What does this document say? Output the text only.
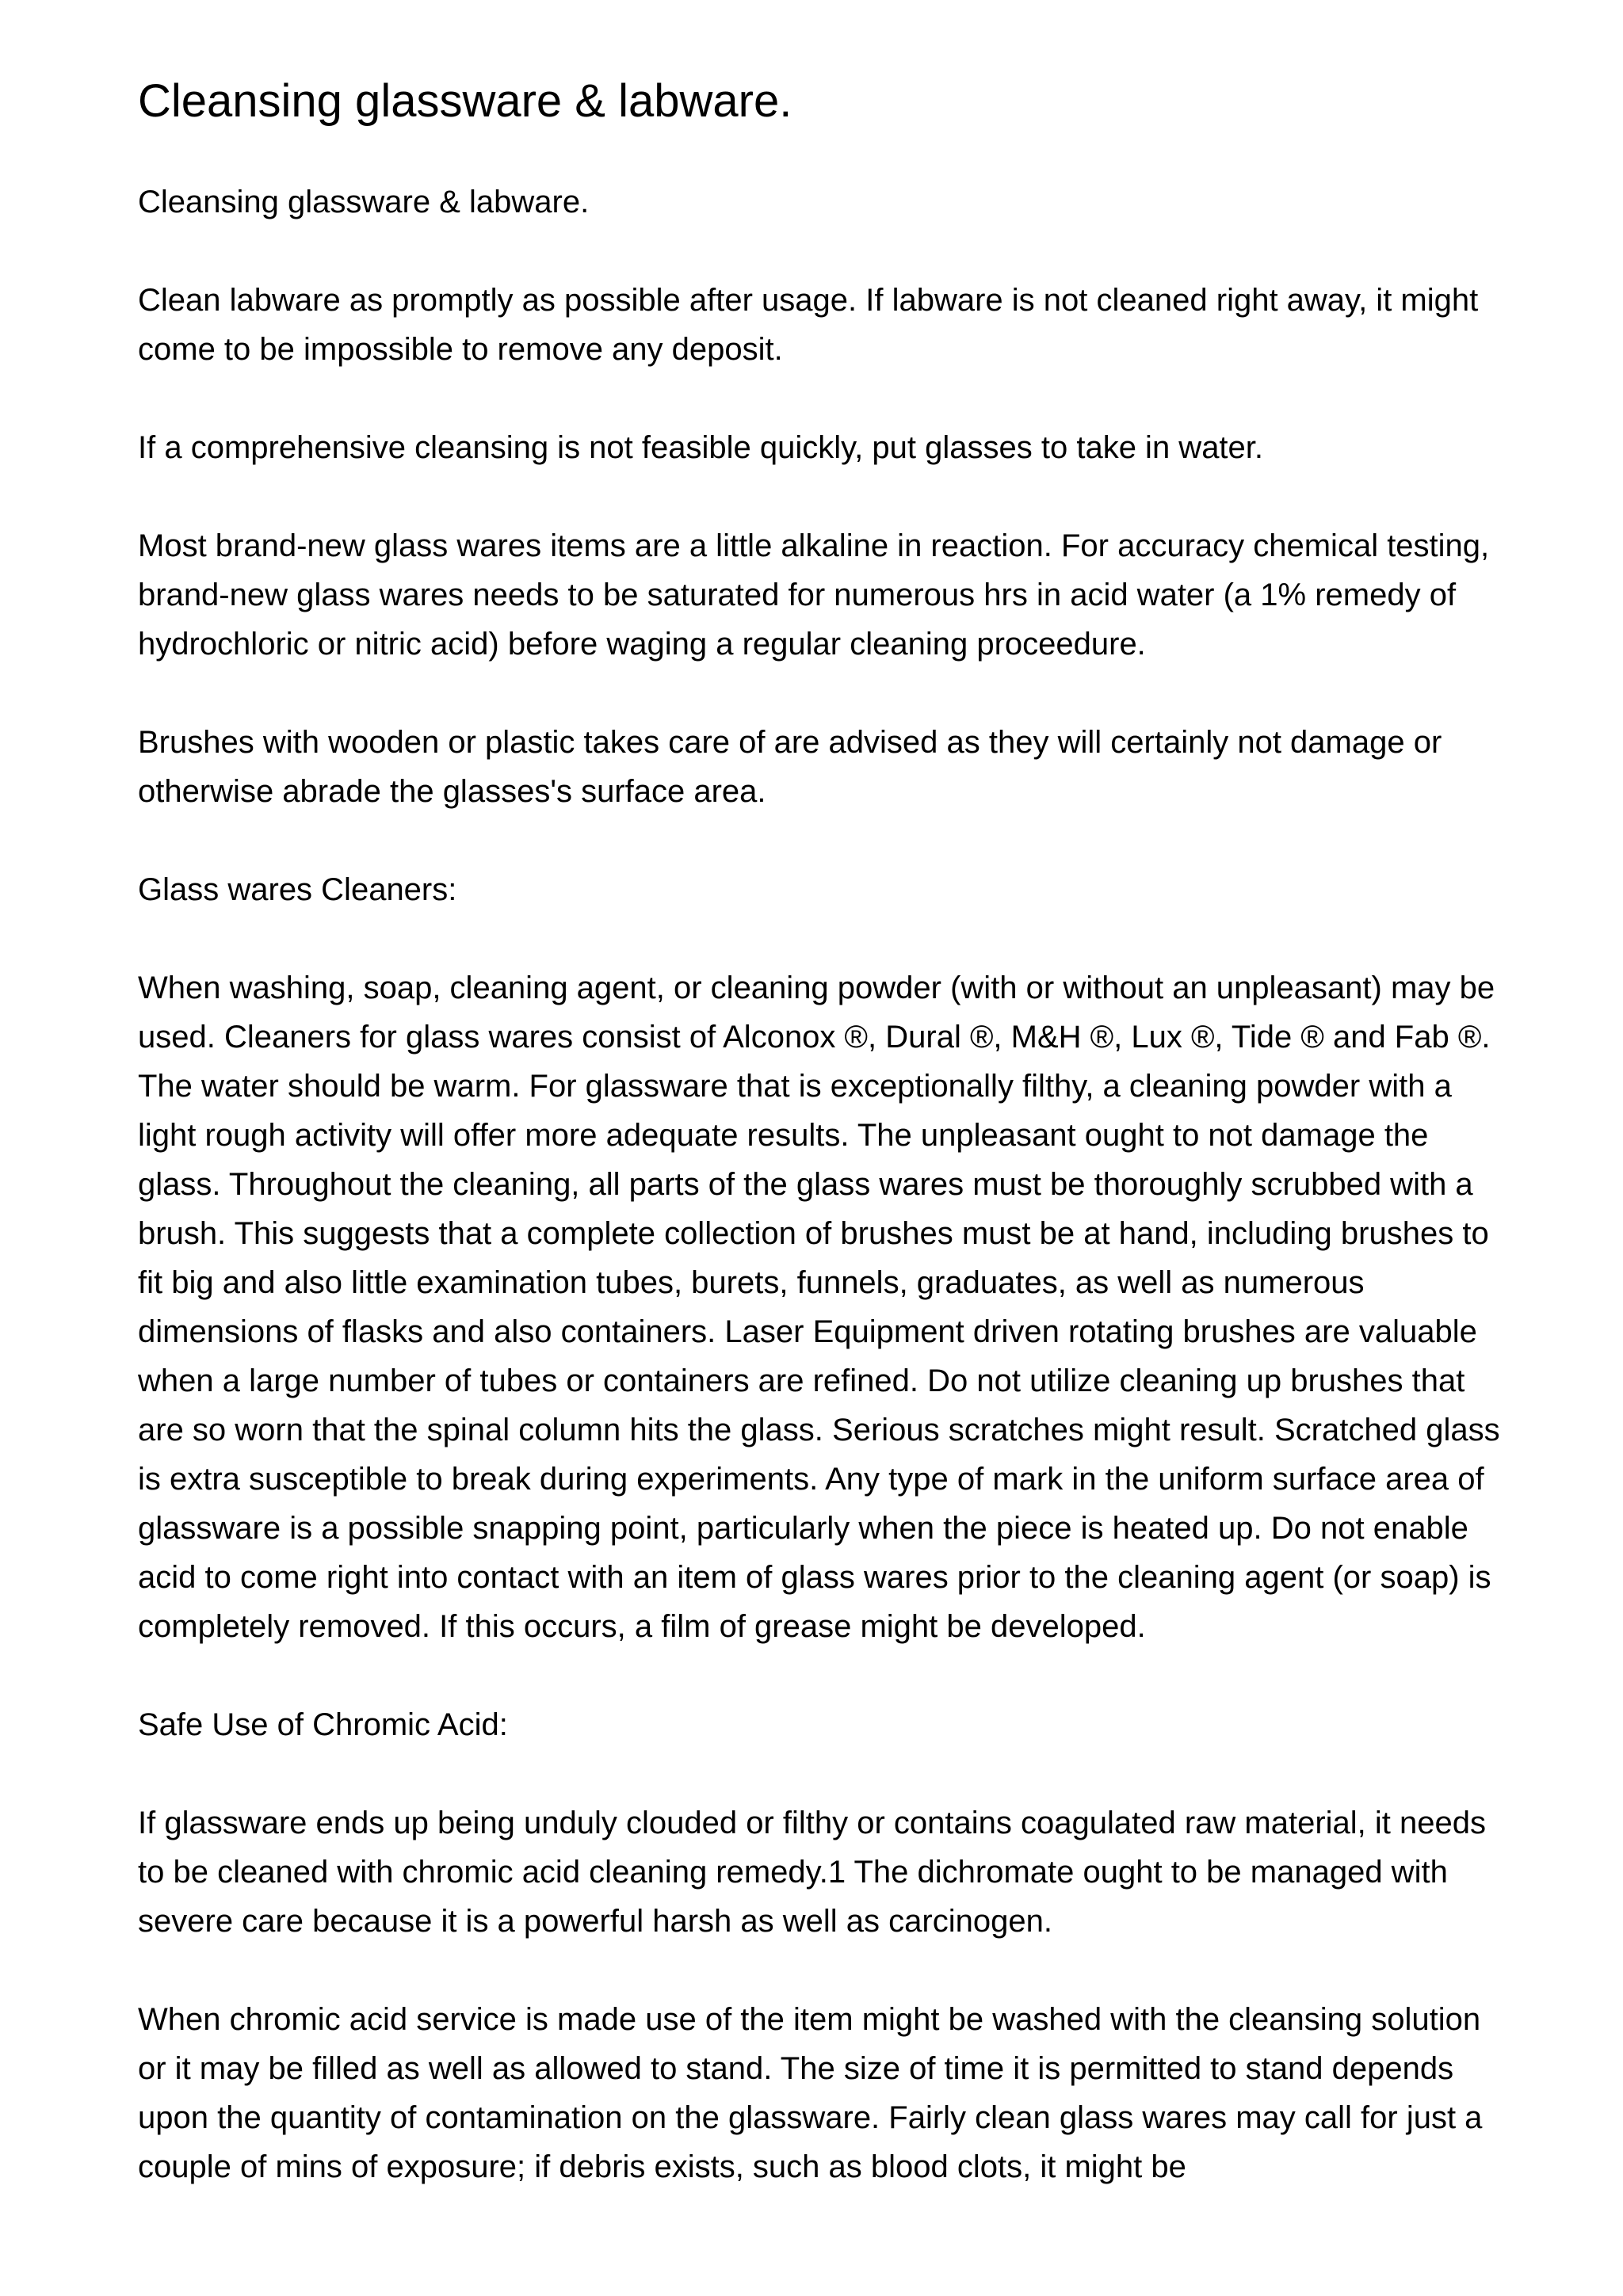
Cleansing glassware & labware.

Cleansing glassware & labware.

Clean labware as promptly as possible after usage. If labware is not cleaned right away, it might come to be impossible to remove any deposit.

If a comprehensive cleansing is not feasible quickly, put glasses to take in water.

Most brand-new glass wares items are a little alkaline in reaction. For accuracy chemical testing, brand-new glass wares needs to be saturated for numerous hrs in acid water (a 1% remedy of hydrochloric or nitric acid) before waging a regular cleaning proceedure.

Brushes with wooden or plastic takes care of are advised as they will certainly not damage or otherwise abrade the glasses's surface area.

Glass wares Cleaners:

When washing, soap, cleaning agent, or cleaning powder (with or without an unpleasant) may be used. Cleaners for glass wares consist of Alconox ®, Dural ®, M&H ®, Lux ®, Tide ® and Fab ®. The water should be warm. For glassware that is exceptionally filthy, a cleaning powder with a light rough activity will offer more adequate results. The unpleasant ought to not damage the glass. Throughout the cleaning, all parts of the glass wares must be thoroughly scrubbed with a brush. This suggests that a complete collection of brushes must be at hand, including brushes to fit big and also little examination tubes, burets, funnels, graduates, as well as numerous dimensions of flasks and also containers. Laser Equipment driven rotating brushes are valuable when a large number of tubes or containers are refined. Do not utilize cleaning up brushes that are so worn that the spinal column hits the glass. Serious scratches might result. Scratched glass is extra susceptible to break during experiments. Any type of mark in the uniform surface area of glassware is a possible snapping point, particularly when the piece is heated up. Do not enable acid to come right into contact with an item of glass wares prior to the cleaning agent (or soap) is completely removed. If this occurs, a film of grease might be developed.

Safe Use of Chromic Acid:

If glassware ends up being unduly clouded or filthy or contains coagulated raw material, it needs to be cleaned with chromic acid cleaning remedy.1 The dichromate ought to be managed with severe care because it is a powerful harsh as well as carcinogen.

When chromic acid service is made use of the item might be washed with the cleansing solution or it may be filled as well as allowed to stand. The size of time it is permitted to stand depends upon the quantity of contamination on the glassware. Fairly clean glass wares may call for just a couple of mins of exposure; if debris exists, such as blood clots, it might be
